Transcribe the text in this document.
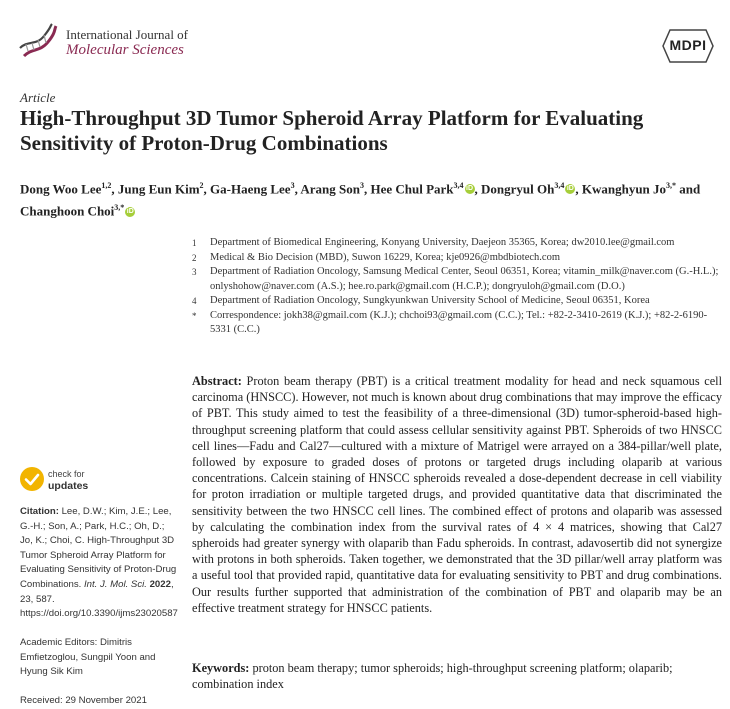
International Journal of
Molecular Sciences	MDPI
Article
High-Throughput 3D Tumor Spheroid Array Platform for Evaluating Sensitivity of Proton-Drug Combinations
Dong Woo Lee$^{1,2}$, Jung Eun Kim$^2$, Ga-Haeng Lee$^3$, Arang Son$^3$, Hee Chul Park$^{3,4}$ iD , Dongryul Oh$^{3,4}$ iD , Kwanghyun $Jo^{3,*}$ and Changhoon Choi$^{3,*}$ iD
1	Department of Biomedical Engineering, Konyang University, Daejeon 35365, Korea; dw2010.lee@gmail.com
2	Medical & Bio Decision (MBD), Suwon 16229, Korea; kje0926@mbdbiotech.com
3	Department of Radiation Oncology, Samsung Medical Center, Seoul 06351, Korea; vitamin_milk@naver.com (G.-H.L.); onlyshohow@naver.com (A.S.); hee.ro.park@gmail.com (H.C.P.); dongryuloh@gmail.com (D.O.)
4	Department of Radiation Oncology, Sungkyunkwan University School of Medicine, Seoul 06351, Korea
*	Correspondence: jokh38@gmail.com (K.J.); chchoi93@gmail.com (C.C.); Tel.: +82-2-3410-2619 (K.J.); +82-2-6190-5331 (C.C.)
Abstract: Proton beam therapy (PBT) is a critical treatment modality for head and neck squamous cell carcinoma (HNSCC). However, not much is known about drug combinations that may improve the efficacy of PBT. This study aimed to test the feasibility of a three-dimensional (3D) tumor-spheroid-based high-throughput screening platform that could assess cellular sensitivity against PBT. Spheroids of two HNSCC cell lines—Fadu and Cal27—cultured with a mixture of Matrigel were arrayed on a 384-pillar/well plate, followed by exposure to graded doses of protons or targeted drugs including olaparib at various concentrations. Calcein staining of HNSCC spheroids revealed a dose-dependent decrease in cell viability for proton irradiation or multiple targeted drugs, and provided quantitative data that discriminated the sensitivity between the two HNSCC cell lines. The combined effect of protons and olaparib was assessed by calculating the combination index from the survival rates of 4 × 4 matrices, showing that Cal27 spheroids had greater synergy with olaparib than Fadu spheroids. In contrast, adavosertib did not synergize with protons in both spheroids. Taken together, we demonstrated that the 3D pillar/well array platform was a useful tool that provided rapid, quantitative data for evaluating sensitivity to PBT and drug combinations. Our results further supported that administration of the combination of PBT and olaparib may be an effective treatment strategy for HNSCC patients.
Keywords: proton beam therapy; tumor spheroids; high-throughput screening platform; olaparib; combination index
check for
updates
Citation: Lee, D.W.; Kim, J.E.; Lee, G.-H.; Son, A.; Park, H.C.; Oh, D.; Jo, K.; Choi, C. High-Throughput 3D Tumor Spheroid Array Platform for Evaluating Sensitivity of Proton-Drug Combinations. Int. J. Mol. Sci. 2022, 23, 587. https://doi.org/10.3390/ijms23020587
Academic Editors: Dimitris Emfietzoglou, Sungpil Yoon and Hyung Sik Kim
Received: 29 November 2021
